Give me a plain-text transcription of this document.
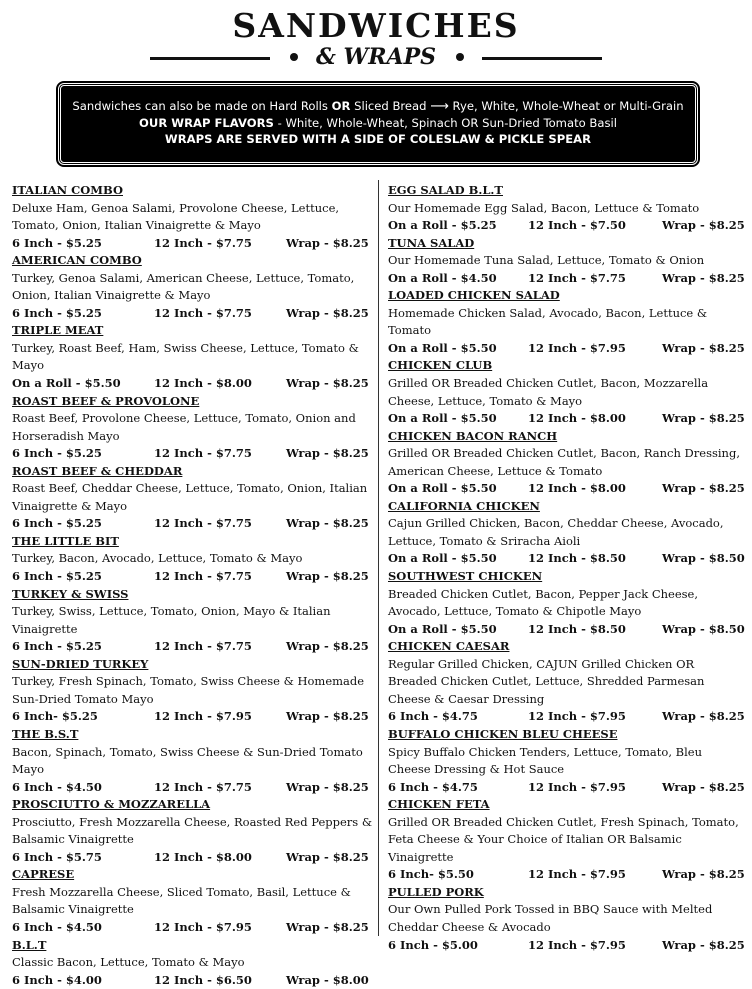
SANDWICHES
& WRAPS
Sandwiches can also be made on Hard Rolls OR Sliced Bread ⟶ Rye, White, Whole-Wheat or Multi-Grain
OUR WRAP FLAVORS - White, Whole-Wheat, Spinach OR Sun-Dried Tomato Basil
WRAPS ARE SERVED WITH A SIDE OF COLESLAW & PICKLE SPEAR
ITALIAN COMBO
Deluxe Ham, Genoa Salami, Provolone Cheese, Lettuce, Tomato, Onion, Italian Vinaigrette & Mayo
6 Inch - $5.25	12 Inch - $7.75	Wrap - $8.25
AMERICAN COMBO
Turkey, Genoa Salami, American Cheese, Lettuce, Tomato, Onion, Italian Vinaigrette & Mayo
6 Inch - $5.25	12 Inch - $7.75	Wrap - $8.25
TRIPLE MEAT
Turkey, Roast Beef, Ham, Swiss Cheese, Lettuce, Tomato & Mayo
On a Roll - $5.50	12 Inch - $8.00	Wrap - $8.25
ROAST BEEF & PROVOLONE
Roast Beef, Provolone Cheese, Lettuce, Tomato, Onion and Horseradish Mayo
6 Inch - $5.25	12 Inch - $7.75	Wrap - $8.25
ROAST BEEF & CHEDDAR
Roast Beef, Cheddar Cheese, Lettuce, Tomato, Onion, Italian Vinaigrette & Mayo
6 Inch - $5.25	12 Inch - $7.75	Wrap - $8.25
THE LITTLE BIT
Turkey, Bacon, Avocado, Lettuce, Tomato & Mayo
6 Inch - $5.25	12 Inch - $7.75	Wrap - $8.25
TURKEY & SWISS
Turkey, Swiss, Lettuce, Tomato, Onion, Mayo & Italian Vinaigrette
6 Inch - $5.25	12 Inch - $7.75	Wrap - $8.25
SUN-DRIED TURKEY
Turkey, Fresh Spinach, Tomato, Swiss Cheese & Homemade Sun-Dried Tomato Mayo
6 Inch- $5.25	12 Inch - $7.95	Wrap - $8.25
THE B.S.T
Bacon, Spinach, Tomato, Swiss Cheese & Sun-Dried Tomato Mayo
6 Inch - $4.50	12 Inch - $7.75	Wrap - $8.25
PROSCIUTTO & MOZZARELLA
Prosciutto, Fresh Mozzarella Cheese, Roasted Red Peppers & Balsamic Vinaigrette
6 Inch - $5.75	12 Inch - $8.00	Wrap - $8.25
CAPRESE
Fresh Mozzarella Cheese, Sliced Tomato, Basil, Lettuce & Balsamic Vinaigrette
6 Inch - $4.50	12 Inch - $7.95	Wrap - $8.25
B.L.T
Classic Bacon, Lettuce, Tomato & Mayo
6 Inch - $4.00	12 Inch - $6.50	Wrap - $8.00
EGG SALAD B.L.T
Our Homemade Egg Salad, Bacon, Lettuce & Tomato
On a Roll - $5.25	12 Inch - $7.50	Wrap - $8.25
TUNA SALAD
Our Homemade Tuna Salad, Lettuce, Tomato & Onion
On a Roll - $4.50	12 Inch - $7.75	Wrap - $8.25
LOADED CHICKEN SALAD
Homemade Chicken Salad, Avocado, Bacon, Lettuce & Tomato
On a Roll - $5.50	12 Inch - $7.95	Wrap - $8.25
CHICKEN CLUB
Grilled OR Breaded Chicken Cutlet, Bacon, Mozzarella Cheese, Lettuce, Tomato & Mayo
On a Roll - $5.50	12 Inch - $8.00	Wrap - $8.25
CHICKEN BACON RANCH
Grilled OR Breaded Chicken Cutlet, Bacon, Ranch Dressing, American Cheese, Lettuce & Tomato
On a Roll - $5.50	12 Inch - $8.00	Wrap - $8.25
CALIFORNIA CHICKEN
Cajun Grilled Chicken, Bacon, Cheddar Cheese, Avocado, Lettuce, Tomato & Sriracha Aioli
On a Roll - $5.50	12 Inch - $8.50	Wrap - $8.50
SOUTHWEST CHICKEN
Breaded Chicken Cutlet, Bacon, Pepper Jack Cheese, Avocado, Lettuce, Tomato & Chipotle Mayo
On a Roll - $5.50	12 Inch - $8.50	Wrap - $8.50
CHICKEN CAESAR
Regular Grilled Chicken, CAJUN Grilled Chicken OR Breaded Chicken Cutlet, Lettuce, Shredded Parmesan Cheese & Caesar Dressing
6 Inch - $4.75	12 Inch - $7.95	Wrap - $8.25
BUFFALO CHICKEN BLEU CHEESE
Spicy Buffalo Chicken Tenders, Lettuce, Tomato, Bleu Cheese Dressing & Hot Sauce
6 Inch - $4.75	12 Inch - $7.95	Wrap - $8.25
CHICKEN FETA
Grilled OR Breaded Chicken Cutlet, Fresh Spinach, Tomato, Feta Cheese & Your Choice of Italian OR Balsamic Vinaigrette
6 Inch- $5.50	12 Inch - $7.95	Wrap - $8.25
PULLED PORK
Our Own Pulled Pork Tossed in BBQ Sauce with Melted Cheddar Cheese & Avocado
6 Inch - $5.00	12 Inch - $7.95	Wrap - $8.25
